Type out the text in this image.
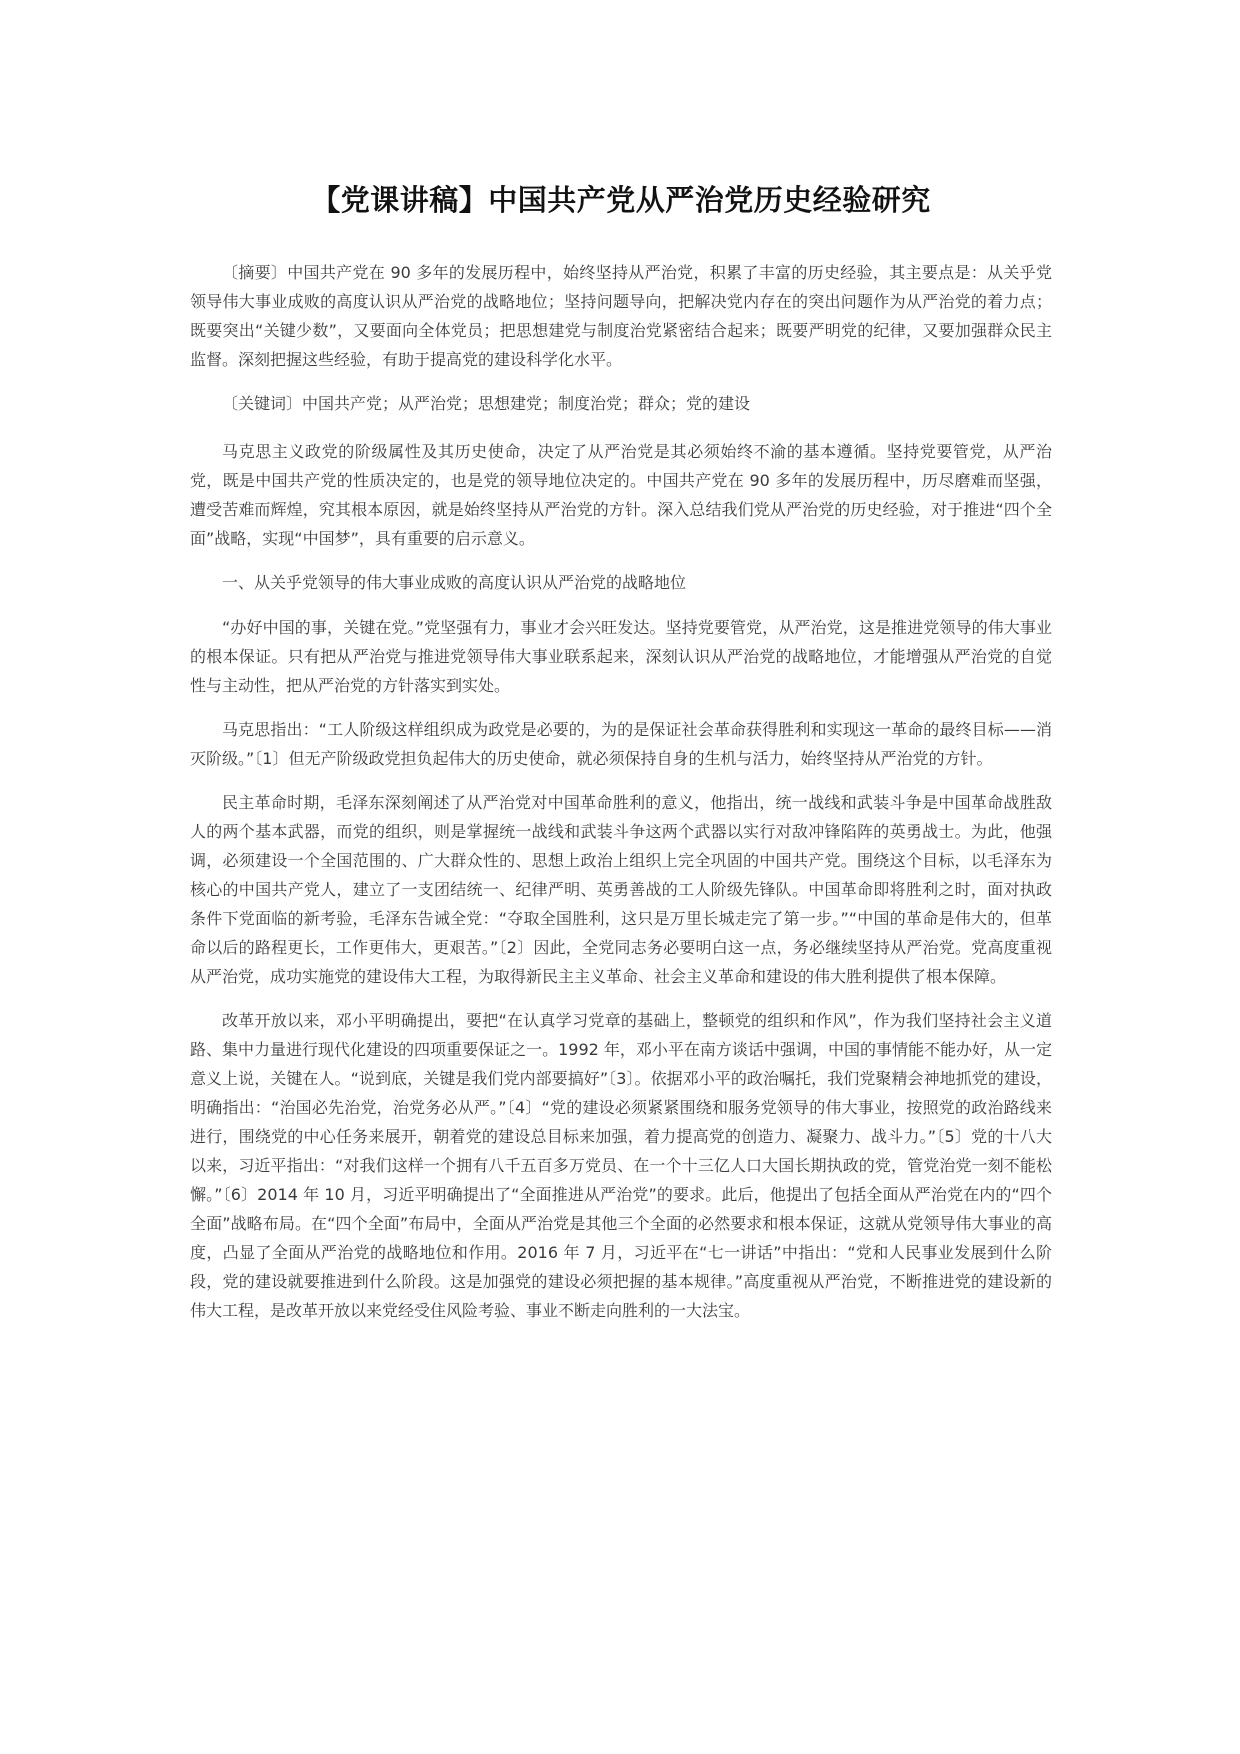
【党课讲稿】中国共产党从严治党历史经验研究

〔摘要〕中国共产党在 90 多年的发展历程中，始终坚持从严治党，积累了丰富的历史经验，其主要点是：从关乎党领导伟大事业成败的高度认识从严治党的战略地位；坚持问题导向，把解决党内存在的突出问题作为从严治党的着力点；既要突出“关键少数”，又要面向全体党员；把思想建党与制度治党紧密结合起来；既要严明党的纪律，又要加强群众民主监督。深刻把握这些经验，有助于提高党的建设科学化水平。

〔关键词〕中国共产党；从严治党；思想建党；制度治党；群众；党的建设

马克思主义政党的阶级属性及其历史使命，决定了从严治党是其必须始终不渝的基本遵循。坚持党要管党，从严治党，既是中国共产党的性质决定的，也是党的领导地位决定的。中国共产党在 90 多年的发展历程中，历尽磨难而坚强，遭受苦难而辉煌，究其根本原因，就是始终坚持从严治党的方针。深入总结我们党从严治党的历史经验，对于推进“四个全面”战略，实现“中国梦”，具有重要的启示意义。

一、从关乎党领导的伟大事业成败的高度认识从严治党的战略地位

“办好中国的事，关键在党。”党坚强有力，事业才会兴旺发达。坚持党要管党，从严治党，这是推进党领导的伟大事业的根本保证。只有把从严治党与推进党领导伟大事业联系起来，深刻认识从严治党的战略地位，才能增强从严治党的自觉性与主动性，把从严治党的方针落实到实处。

马克思指出：“工人阶级这样组织成为政党是必要的，为的是保证社会革命获得胜利和实现这一革命的最终目标——消灭阶级。”〔1〕但无产阶级政党担负起伟大的历史使命，就必须保持自身的生机与活力，始终坚持从严治党的方针。

民主革命时期，毛泽东深刻阐述了从严治党对中国革命胜利的意义，他指出，统一战线和武装斗争是中国革命战胜敌人的两个基本武器，而党的组织，则是掌握统一战线和武装斗争这两个武器以实行对敌冲锋陷阵的英勇战士。为此，他强调，必须建设一个全国范围的、广大群众性的、思想上政治上组织上完全巩固的中国共产党。围绕这个目标，以毛泽东为核心的中国共产党人，建立了一支团结统一、纪律严明、英勇善战的工人阶级先锋队。中国革命即将胜利之时，面对执政条件下党面临的新考验，毛泽东告诫全党：“夺取全国胜利，这只是万里长城走完了第一步。”“中国的革命是伟大的，但革命以后的路程更长，工作更伟大，更艰苦。”〔2〕因此，全党同志务必要明白这一点，务必继续坚持从严治党。党高度重视从严治党，成功实施党的建设伟大工程，为取得新民主主义革命、社会主义革命和建设的伟大胜利提供了根本保障。

改革开放以来，邓小平明确提出，要把“在认真学习党章的基础上，整顿党的组织和作风”，作为我们坚持社会主义道路、集中力量进行现代化建设的四项重要保证之一。1992 年，邓小平在南方谈话中强调，中国的事情能不能办好，从一定意义上说，关键在人。“说到底，关键是我们党内部要搞好”〔3〕。依据邓小平的政治嘱托，我们党聚精会神地抓党的建设，明确指出：“治国必先治党，治党务必从严。”〔4〕“党的建设必须紧紧围绕和服务党领导的伟大事业，按照党的政治路线来进行，围绕党的中心任务来展开，朝着党的建设总目标来加强，着力提高党的创造力、凝聚力、战斗力。”〔5〕党的十八大以来，习近平指出：“对我们这样一个拥有八千五百多万党员、在一个十三亿人口大国长期执政的党，管党治党一刻不能松懈。”〔6〕2014 年 10 月，习近平明确提出了“全面推进从严治党”的要求。此后，他提出了包括全面从严治党在内的“四个全面”战略布局。在“四个全面”布局中，全面从严治党是其他三个全面的必然要求和根本保证，这就从党领导伟大事业的高度，凸显了全面从严治党的战略地位和作用。2016 年 7 月，习近平在“七一讲话”中指出：“党和人民事业发展到什么阶段，党的建设就要推进到什么阶段。这是加强党的建设必须把握的基本规律。”高度重视从严治党，不断推进党的建设新的伟大工程，是改革开放以来党经受住风险考验、事业不断走向胜利的一大法宝。
